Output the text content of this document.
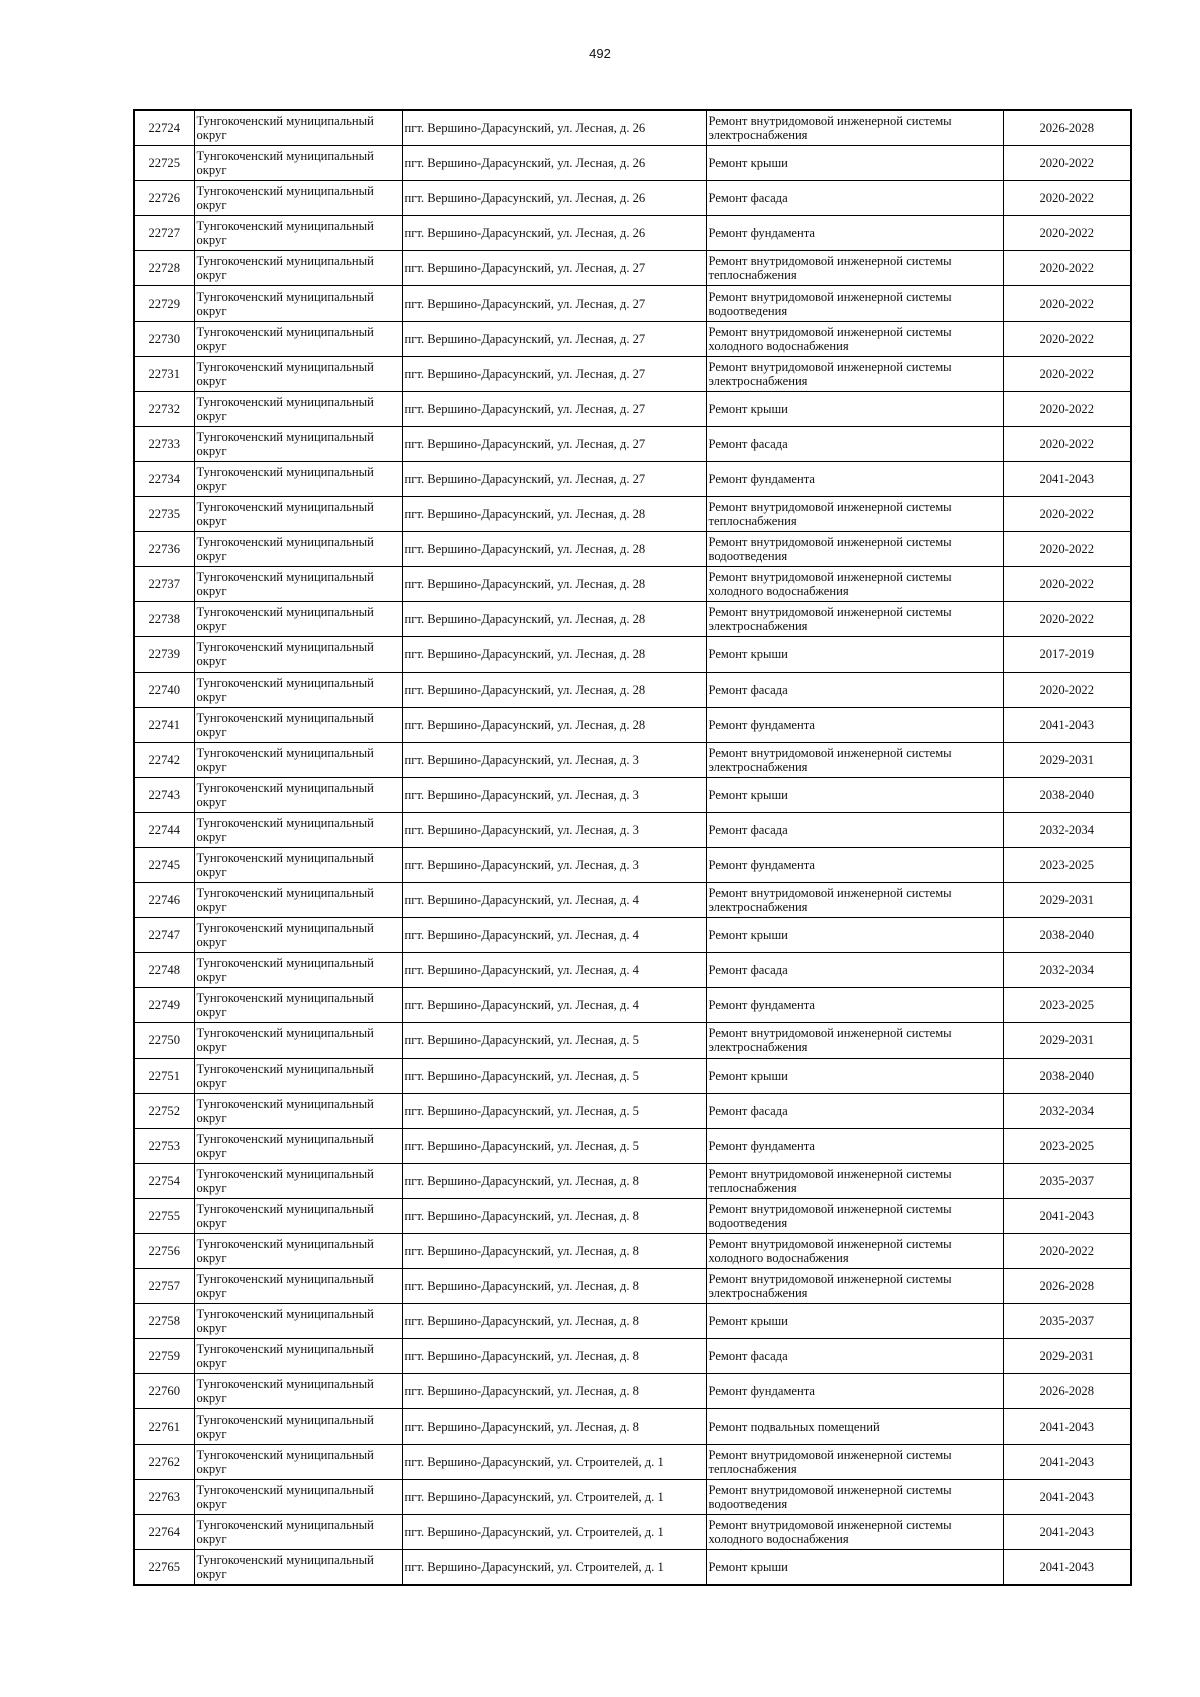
492
22724	Тунгокоченский муниципальный округ	пгт. Вершино-Дарасунский, ул. Лесная, д. 26	Ремонт внутридомовой инженерной системы электроснабжения	2026-2028
22725	Тунгокоченский муниципальный округ	пгт. Вершино-Дарасунский, ул. Лесная, д. 26	Ремонт крыши	2020-2022
22726	Тунгокоченский муниципальный округ	пгт. Вершино-Дарасунский, ул. Лесная, д. 26	Ремонт фасада	2020-2022
22727	Тунгокоченский муниципальный округ	пгт. Вершино-Дарасунский, ул. Лесная, д. 26	Ремонт фундамента	2020-2022
22728	Тунгокоченский муниципальный округ	пгт. Вершино-Дарасунский, ул. Лесная, д. 27	Ремонт внутридомовой инженерной системы теплоснабжения	2020-2022
22729	Тунгокоченский муниципальный округ	пгт. Вершино-Дарасунский, ул. Лесная, д. 27	Ремонт внутридомовой инженерной системы водоотведения	2020-2022
22730	Тунгокоченский муниципальный округ	пгт. Вершино-Дарасунский, ул. Лесная, д. 27	Ремонт внутридомовой инженерной системы холодного водоснабжения	2020-2022
22731	Тунгокоченский муниципальный округ	пгт. Вершино-Дарасунский, ул. Лесная, д. 27	Ремонт внутридомовой инженерной системы электроснабжения	2020-2022
22732	Тунгокоченский муниципальный округ	пгт. Вершино-Дарасунский, ул. Лесная, д. 27	Ремонт крыши	2020-2022
22733	Тунгокоченский муниципальный округ	пгт. Вершино-Дарасунский, ул. Лесная, д. 27	Ремонт фасада	2020-2022
22734	Тунгокоченский муниципальный округ	пгт. Вершино-Дарасунский, ул. Лесная, д. 27	Ремонт фундамента	2041-2043
22735	Тунгокоченский муниципальный округ	пгт. Вершино-Дарасунский, ул. Лесная, д. 28	Ремонт внутридомовой инженерной системы теплоснабжения	2020-2022
22736	Тунгокоченский муниципальный округ	пгт. Вершино-Дарасунский, ул. Лесная, д. 28	Ремонт внутридомовой инженерной системы водоотведения	2020-2022
22737	Тунгокоченский муниципальный округ	пгт. Вершино-Дарасунский, ул. Лесная, д. 28	Ремонт внутридомовой инженерной системы холодного водоснабжения	2020-2022
22738	Тунгокоченский муниципальный округ	пгт. Вершино-Дарасунский, ул. Лесная, д. 28	Ремонт внутридомовой инженерной системы электроснабжения	2020-2022
22739	Тунгокоченский муниципальный округ	пгт. Вершино-Дарасунский, ул. Лесная, д. 28	Ремонт крыши	2017-2019
22740	Тунгокоченский муниципальный округ	пгт. Вершино-Дарасунский, ул. Лесная, д. 28	Ремонт фасада	2020-2022
22741	Тунгокоченский муниципальный округ	пгт. Вершино-Дарасунский, ул. Лесная, д. 28	Ремонт фундамента	2041-2043
22742	Тунгокоченский муниципальный округ	пгт. Вершино-Дарасунский, ул. Лесная, д. 3	Ремонт внутридомовой инженерной системы электроснабжения	2029-2031
22743	Тунгокоченский муниципальный округ	пгт. Вершино-Дарасунский, ул. Лесная, д. 3	Ремонт крыши	2038-2040
22744	Тунгокоченский муниципальный округ	пгт. Вершино-Дарасунский, ул. Лесная, д. 3	Ремонт фасада	2032-2034
22745	Тунгокоченский муниципальный округ	пгт. Вершино-Дарасунский, ул. Лесная, д. 3	Ремонт фундамента	2023-2025
22746	Тунгокоченский муниципальный округ	пгт. Вершино-Дарасунский, ул. Лесная, д. 4	Ремонт внутридомовой инженерной системы электроснабжения	2029-2031
22747	Тунгокоченский муниципальный округ	пгт. Вершино-Дарасунский, ул. Лесная, д. 4	Ремонт крыши	2038-2040
22748	Тунгокоченский муниципальный округ	пгт. Вершино-Дарасунский, ул. Лесная, д. 4	Ремонт фасада	2032-2034
22749	Тунгокоченский муниципальный округ	пгт. Вершино-Дарасунский, ул. Лесная, д. 4	Ремонт фундамента	2023-2025
22750	Тунгокоченский муниципальный округ	пгт. Вершино-Дарасунский, ул. Лесная, д. 5	Ремонт внутридомовой инженерной системы электроснабжения	2029-2031
22751	Тунгокоченский муниципальный округ	пгт. Вершино-Дарасунский, ул. Лесная, д. 5	Ремонт крыши	2038-2040
22752	Тунгокоченский муниципальный округ	пгт. Вершино-Дарасунский, ул. Лесная, д. 5	Ремонт фасада	2032-2034
22753	Тунгокоченский муниципальный округ	пгт. Вершино-Дарасунский, ул. Лесная, д. 5	Ремонт фундамента	2023-2025
22754	Тунгокоченский муниципальный округ	пгт. Вершино-Дарасунский, ул. Лесная, д. 8	Ремонт внутридомовой инженерной системы теплоснабжения	2035-2037
22755	Тунгокоченский муниципальный округ	пгт. Вершино-Дарасунский, ул. Лесная, д. 8	Ремонт внутридомовой инженерной системы водоотведения	2041-2043
22756	Тунгокоченский муниципальный округ	пгт. Вершино-Дарасунский, ул. Лесная, д. 8	Ремонт внутридомовой инженерной системы холодного водоснабжения	2020-2022
22757	Тунгокоченский муниципальный округ	пгт. Вершино-Дарасунский, ул. Лесная, д. 8	Ремонт внутридомовой инженерной системы электроснабжения	2026-2028
22758	Тунгокоченский муниципальный округ	пгт. Вершино-Дарасунский, ул. Лесная, д. 8	Ремонт крыши	2035-2037
22759	Тунгокоченский муниципальный округ	пгт. Вершино-Дарасунский, ул. Лесная, д. 8	Ремонт фасада	2029-2031
22760	Тунгокоченский муниципальный округ	пгт. Вершино-Дарасунский, ул. Лесная, д. 8	Ремонт фундамента	2026-2028
22761	Тунгокоченский муниципальный округ	пгт. Вершино-Дарасунский, ул. Лесная, д. 8	Ремонт подвальных помещений	2041-2043
22762	Тунгокоченский муниципальный округ	пгт. Вершино-Дарасунский, ул. Строителей, д. 1	Ремонт внутридомовой инженерной системы теплоснабжения	2041-2043
22763	Тунгокоченский муниципальный округ	пгт. Вершино-Дарасунский, ул. Строителей, д. 1	Ремонт внутридомовой инженерной системы водоотведения	2041-2043
22764	Тунгокоченский муниципальный округ	пгт. Вершино-Дарасунский, ул. Строителей, д. 1	Ремонт внутридомовой инженерной системы холодного водоснабжения	2041-2043
22765	Тунгокоченский муниципальный округ	пгт. Вершино-Дарасунский, ул. Строителей, д. 1	Ремонт крыши	2041-2043
